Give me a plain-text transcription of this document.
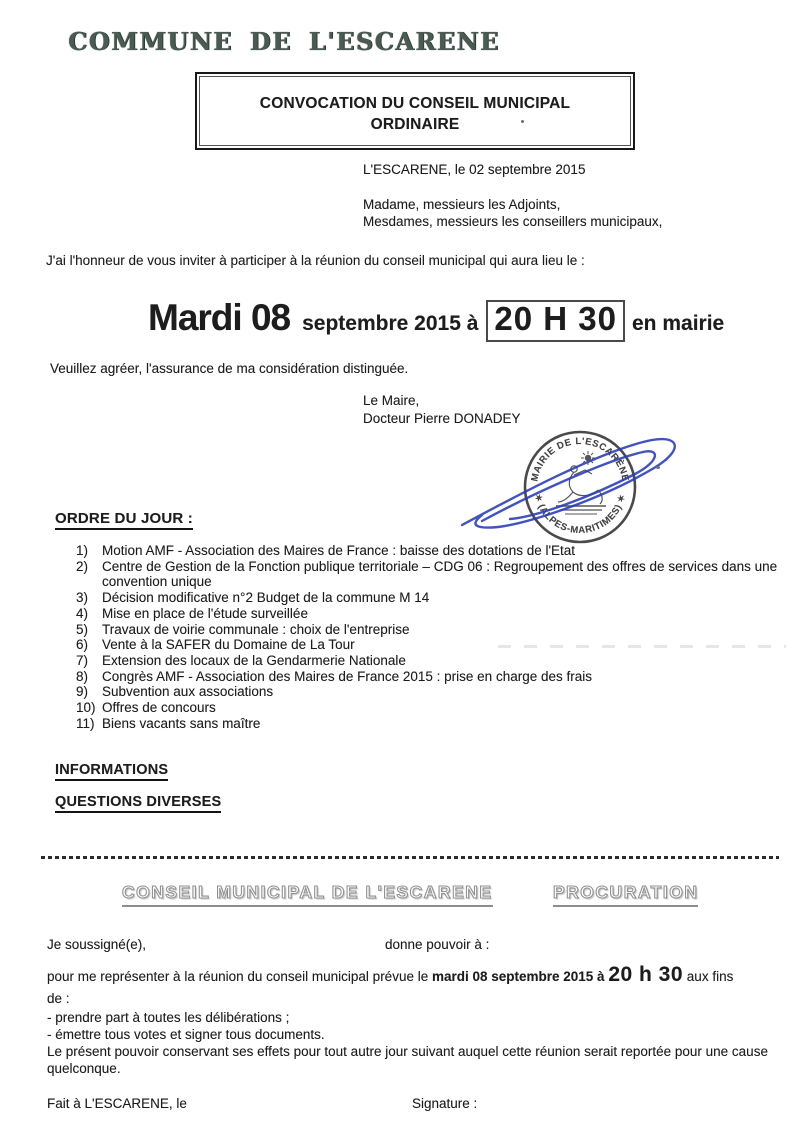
COMMUNE DE L'ESCARENE
CONVOCATION DU CONSEIL MUNICIPAL
ORDINAIRE
L'ESCARENE, le 02 septembre 2015
Madame, messieurs les Adjoints,
Mesdames, messieurs les conseillers municipaux,
J'ai l'honneur de vous inviter à participer à la réunion du conseil municipal qui aura lieu le :
Mardi 08 septembre 2015 à 20 H 30 en mairie
Veuillez agréer, l'assurance de ma considération distinguée.
Le Maire,
Docteur Pierre DONADEY
MAIRIE DE L'ESCARÈNE
✶ (ALPES-MARITIMES) ✶
ORDRE DU JOUR :
1)	Motion AMF - Association des Maires de France : baisse des dotations de l'Etat
2)	Centre de Gestion de la Fonction publique territoriale – CDG 06 : Regroupement des offres de services dans une convention unique
3)	Décision modificative n°2 Budget de la commune M 14
4)	Mise en place de l'étude surveillée
5)	Travaux de voirie communale : choix de l'entreprise
6)	Vente à la SAFER du Domaine de La Tour
7)	Extension des locaux de la Gendarmerie Nationale
8)	Congrès AMF - Association des Maires de France 2015 : prise en charge des frais
9)	Subvention aux associations
10) Offres de concours
11) Biens vacants sans maître
INFORMATIONS
QUESTIONS DIVERSES
CONSEIL MUNICIPAL DE L'ESCARENE	PROCURATION
Je soussigné(e),	donne pouvoir à :
pour me représenter à la réunion du conseil municipal prévue le mardi 08 septembre 2015 à 20 h 30 aux fins
de :
- prendre part à toutes les délibérations ;
- émettre tous votes et signer tous documents.
Le présent pouvoir conservant ses effets pour tout autre jour suivant auquel cette réunion serait reportée pour une cause quelconque.
Fait à L'ESCARENE, le	Signature :
